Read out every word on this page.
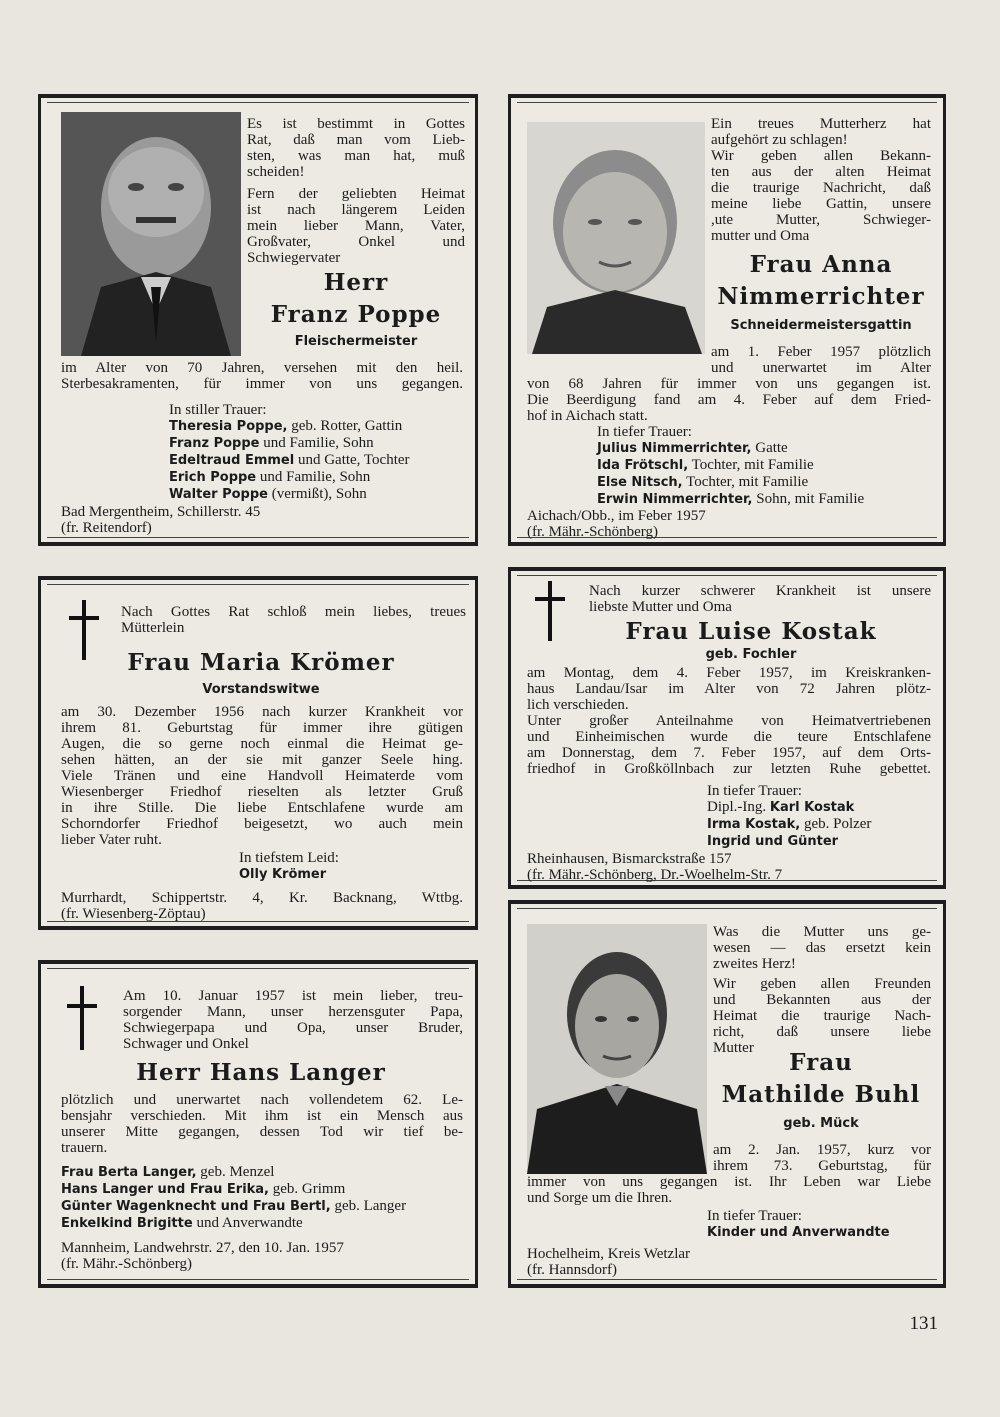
Es ist bestimmt in Gottes
Rat, daß man vom Lieb-
sten, was man hat, muß
scheiden!
Fern der geliebten Heimat
ist nach längerem Leiden
mein lieber Mann, Vater,
Großvater, Onkel und
Schwiegervater
Herr
Franz Poppe
Fleischermeister
im Alter von 70 Jahren, versehen mit den heil.
Sterbesakramenten, für immer von uns gegangen.
In stiller Trauer:
Theresia Poppe, geb. Rotter, Gattin
Franz Poppe und Familie, Sohn
Edeltraud Emmel und Gatte, Tochter
Erich Poppe und Familie, Sohn
Walter Poppe (vermißt), Sohn
Bad Mergentheim, Schillerstr. 45
(fr. Reitendorf)
Ein treues Mutterherz hat
aufgehört zu schlagen!
Wir geben allen Bekann-
ten aus der alten Heimat
die traurige Nachricht, daß
meine liebe Gattin, unsere
,ute Mutter, Schwieger-
mutter und Oma
Frau Anna
Nimmerrichter
Schneidermeistersgattin
am 1. Feber 1957 plötzlich
und unerwartet im Alter
von 68 Jahren für immer von uns gegangen ist.
Die Beerdigung fand am 4. Feber auf dem Fried-
hof in Aichach statt.
In tiefer Trauer:
Julius Nimmerrichter, Gatte
Ida Frötschl, Tochter, mit Familie
Else Nitsch, Tochter, mit Familie
Erwin Nimmerrichter, Sohn, mit Familie
Aichach/Obb., im Feber 1957
(fr. Mähr.-Schönberg)
Nach Gottes Rat schloß mein liebes, treues
Mütterlein
Frau Maria Krömer
Vorstandswitwe
am 30. Dezember 1956 nach kurzer Krankheit vor
ihrem 81. Geburtstag für immer ihre gütigen
Augen, die so gerne noch einmal die Heimat ge-
sehen hätten, an der sie mit ganzer Seele hing.
Viele Tränen und eine Handvoll Heimaterde vom
Wiesenberger Friedhof rieselten als letzter Gruß
in ihre Stille. Die liebe Entschlafene wurde am
Schorndorfer Friedhof beigesetzt, wo auch mein
lieber Vater ruht.
In tiefstem Leid:
Olly Krömer
Murrhardt, Schippertstr. 4, Kr. Backnang, Wttbg.
(fr. Wiesenberg-Zöptau)
Nach kurzer schwerer Krankheit ist unsere
liebste Mutter und Oma
Frau Luise Kostak
geb. Fochler
am Montag, dem 4. Feber 1957, im Kreiskranken-
haus Landau/Isar im Alter von 72 Jahren plötz-
lich verschieden.
Unter großer Anteilnahme von Heimatvertriebenen
und Einheimischen wurde die teure Entschlafene
am Donnerstag, dem 7. Feber 1957, auf dem Orts-
friedhof in Großköllnbach zur letzten Ruhe gebettet.
In tiefer Trauer:
Dipl.-Ing. Karl Kostak
Irma Kostak, geb. Polzer
Ingrid und Günter
Rheinhausen, Bismarckstraße 157
(fr. Mähr.-Schönberg, Dr.-Woelhelm-Str. 7
Am 10. Januar 1957 ist mein lieber, treu-
sorgender Mann, unser herzensguter Papa,
Schwiegerpapa und Opa, unser Bruder,
Schwager und Onkel
Herr Hans Langer
plötzlich und unerwartet nach vollendetem 62. Le-
bensjahr verschieden. Mit ihm ist ein Mensch aus
unserer Mitte gegangen, dessen Tod wir tief be-
trauern.
Frau Berta Langer, geb. Menzel
Hans Langer und Frau Erika, geb. Grimm
Günter Wagenknecht und Frau Bertl, geb. Langer
Enkelkind Brigitte und Anverwandte
Mannheim, Landwehrstr. 27, den 10. Jan. 1957
(fr. Mähr.-Schönberg)
Was die Mutter uns ge-
wesen — das ersetzt kein
zweites Herz!
Wir geben allen Freunden
und Bekannten aus der
Heimat die traurige Nach-
richt, daß unsere liebe
Mutter
Frau
Mathilde Buhl
geb. Mück
am 2. Jan. 1957, kurz vor
ihrem 73. Geburtstag, für
immer von uns gegangen ist. Ihr Leben war Liebe
und Sorge um die Ihren.
In tiefer Trauer:
Kinder und Anverwandte
Hochelheim, Kreis Wetzlar
(fr. Hannsdorf)
131
